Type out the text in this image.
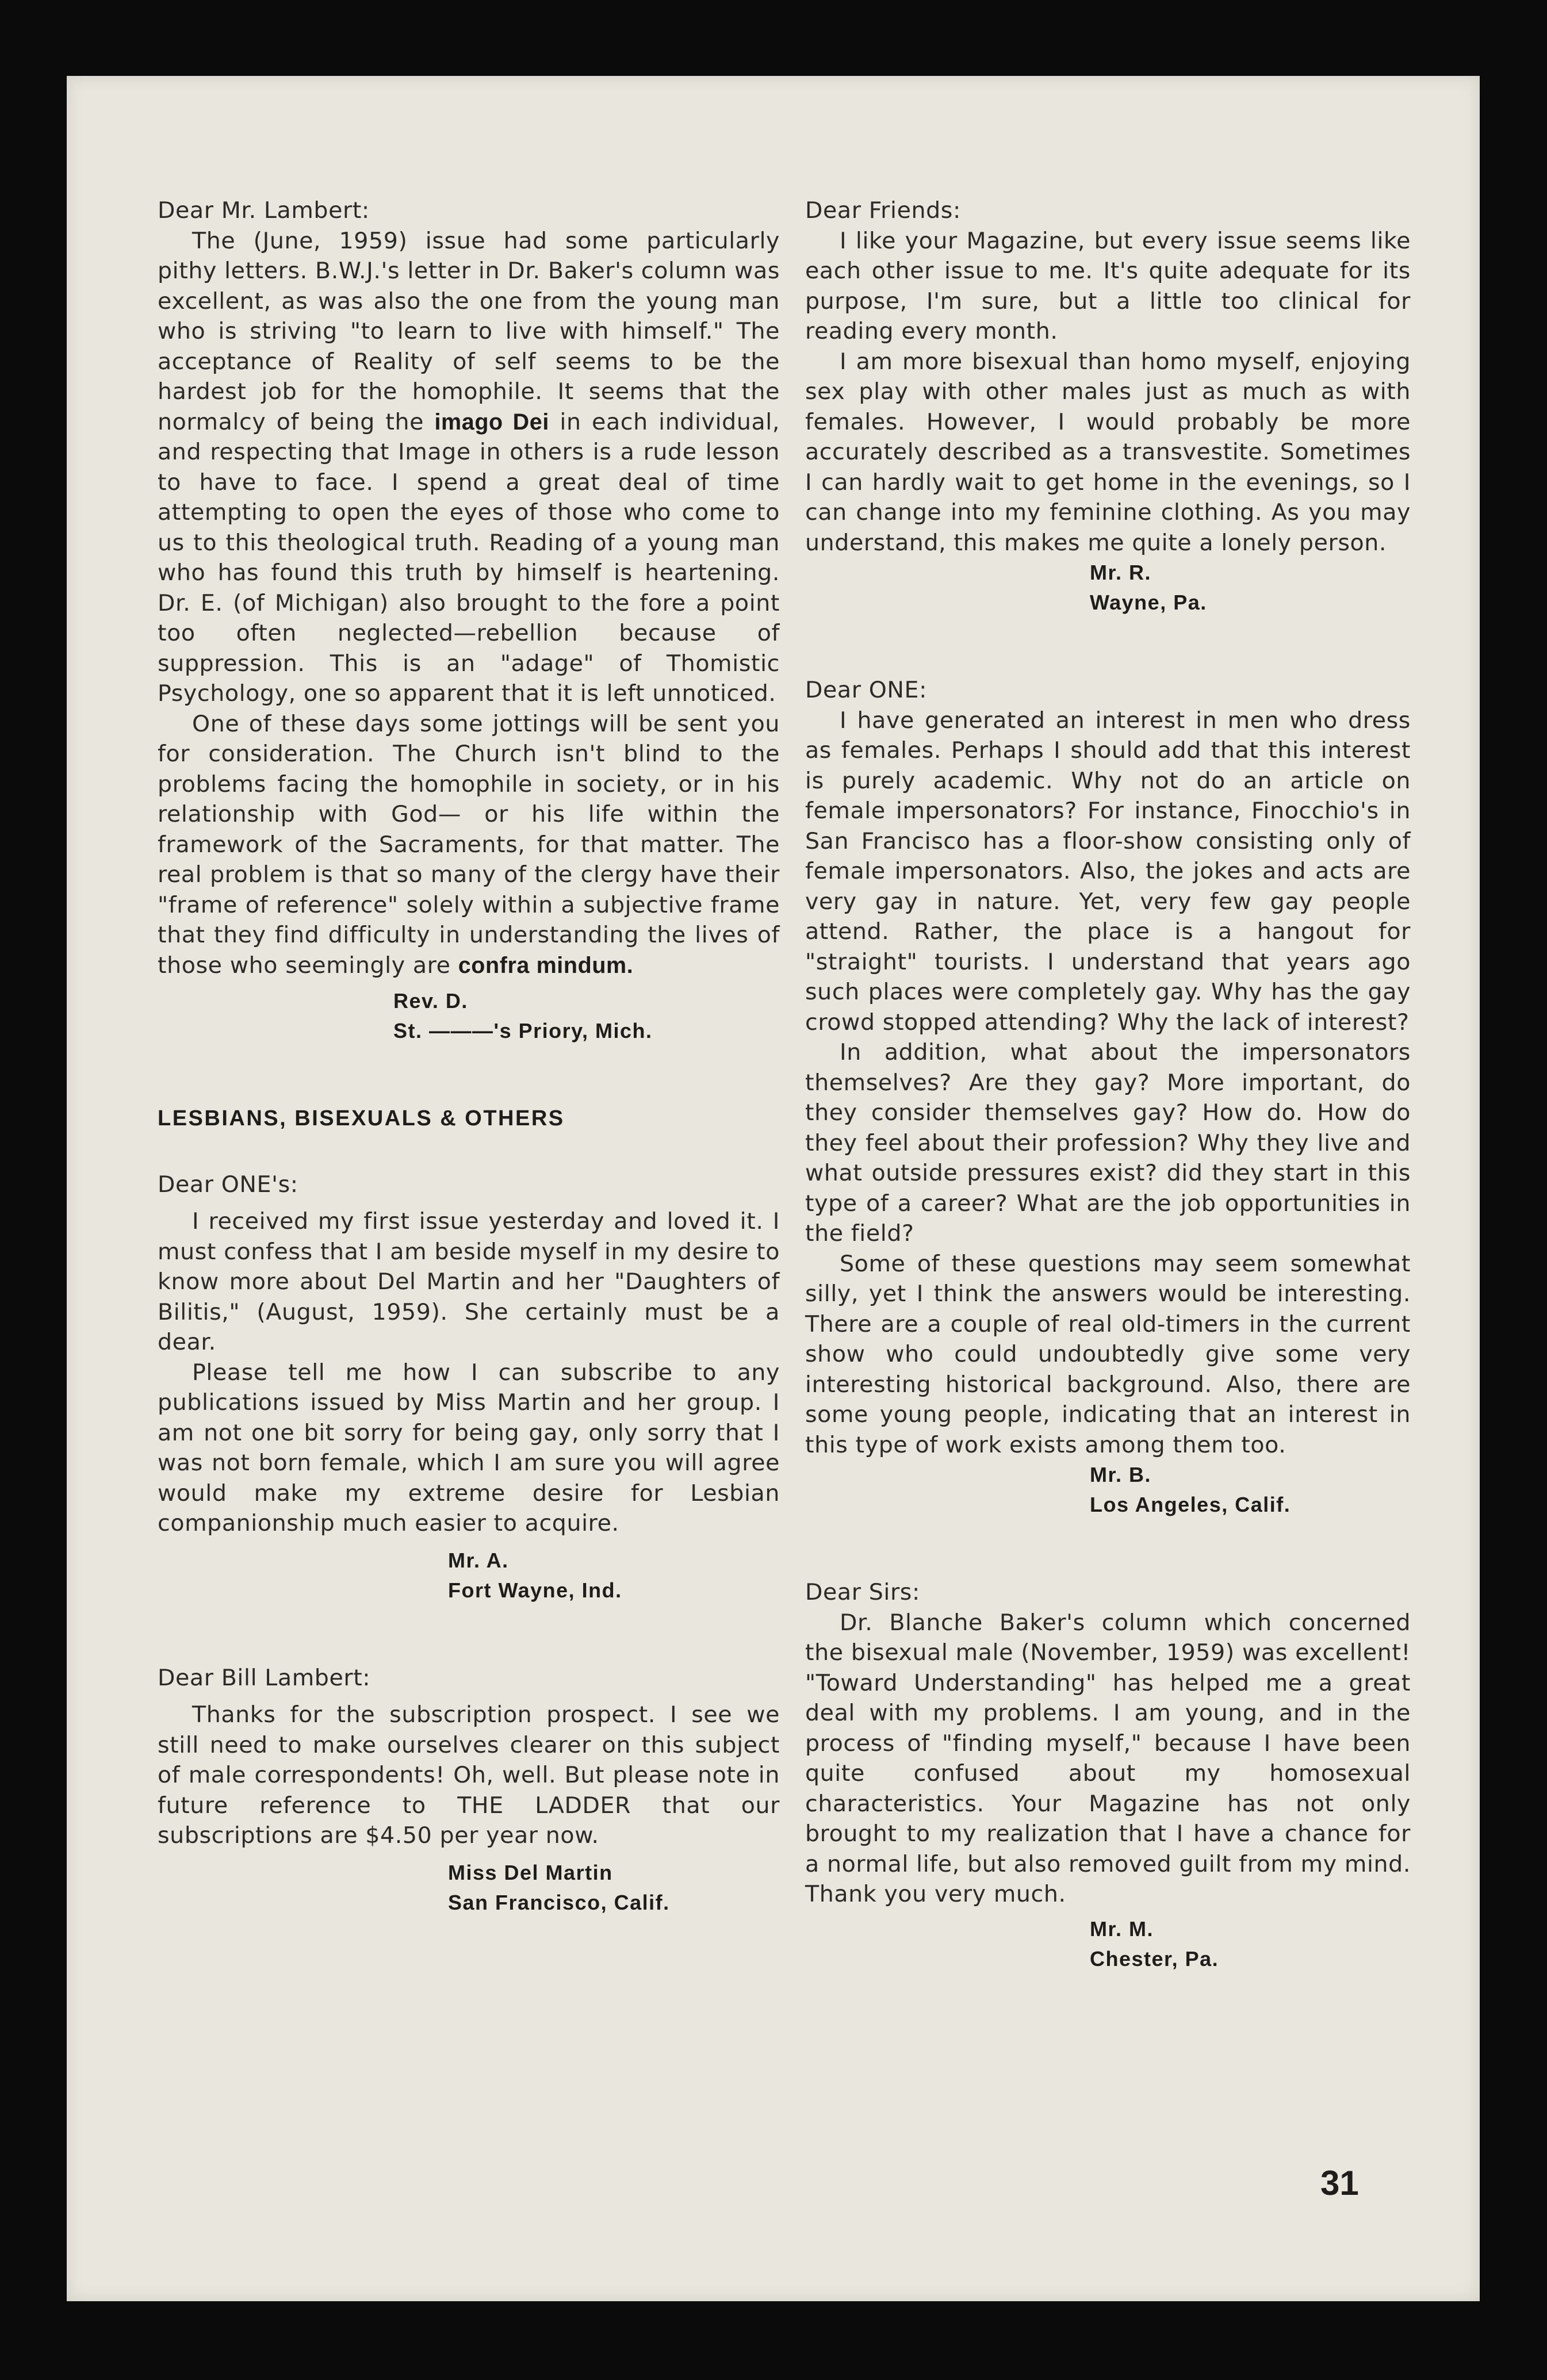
Dear Mr. Lambert:

The (June, 1959) issue had some particularly pithy letters. B.W.J.'s letter in Dr. Baker's column was excellent, as was also the one from the young man who is striving "to learn to live with himself." The acceptance of Reality of self seems to be the hardest job for the homophile. It seems that the normalcy of being the imago Dei in each individual, and respecting that Image in others is a rude lesson to have to face. I spend a great deal of time attempting to open the eyes of those who come to us to this theological truth. Reading of a young man who has found this truth by himself is heartening. Dr. E. (of Michigan) also brought to the fore a point too often neglected—rebellion because of suppression. This is an "adage" of Thomistic Psychology, one so apparent that it is left unnoticed.

One of these days some jottings will be sent you for consideration. The Church isn't blind to the problems facing the homophile in society, or in his relationship with God— or his life within the framework of the Sacraments, for that matter. The real problem is that so many of the clergy have their "frame of reference" solely within a subjective frame that they find difficulty in understanding the lives of those who seemingly are confra mindum.

Rev. D.
St. ———'s Priory, Mich.
LESBIANS, BISEXUALS & OTHERS

Dear ONE's:

I received my first issue yesterday and loved it. I must confess that I am beside myself in my desire to know more about Del Martin and her "Daughters of Bilitis," (August, 1959). She certainly must be a dear.

Please tell me how I can subscribe to any publications issued by Miss Martin and her group. I am not one bit sorry for being gay, only sorry that I was not born female, which I am sure you will agree would make my extreme desire for Lesbian companionship much easier to acquire.

Mr. A.
Fort Wayne, Ind.

Dear Bill Lambert:

Thanks for the subscription prospect. I see we still need to make ourselves clearer on this subject of male correspondents! Oh, well. But please note in future reference to THE LADDER that our subscriptions are $4.50 per year now.

Miss Del Martin
San Francisco, Calif.

Dear Friends:

I like your Magazine, but every issue seems like each other issue to me. It's quite adequate for its purpose, I'm sure, but a little too clinical for reading every month.

I am more bisexual than homo myself, enjoying sex play with other males just as much as with females. However, I would probably be more accurately described as a transvestite. Sometimes I can hardly wait to get home in the evenings, so I can change into my feminine clothing. As you may understand, this makes me quite a lonely person.

Mr. R.
Wayne, Pa.

Dear ONE:

I have generated an interest in men who dress as females. Perhaps I should add that this interest is purely academic. Why not do an article on female impersonators? For instance, Finocchio's in San Francisco has a floor-show consisting only of female impersonators. Also, the jokes and acts are very gay in nature. Yet, very few gay people attend. Rather, the place is a hangout for "straight" tourists. I understand that years ago such places were completely gay. Why has the gay crowd stopped attending? Why the lack of interest?

In addition, what about the impersonators themselves? Are they gay? More important, do they consider themselves gay? How do. How do they feel about their profession? Why they live and what outside pressures exist? did they start in this type of a career? What are the job opportunities in the field?

Some of these questions may seem somewhat silly, yet I think the answers would be interesting. There are a couple of real old-timers in the current show who could undoubtedly give some very interesting historical background. Also, there are some young people, indicating that an interest in this type of work exists among them too.

Mr. B.
Los Angeles, Calif.

Dear Sirs:

Dr. Blanche Baker's column which concerned the bisexual male (November, 1959) was excellent! "Toward Understanding" has helped me a great deal with my problems. I am young, and in the process of "finding myself," because I have been quite confused about my homosexual characteristics. Your Magazine has not only brought to my realization that I have a chance for a normal life, but also removed guilt from my mind. Thank you very much.

Mr. M.
Chester, Pa.
31
